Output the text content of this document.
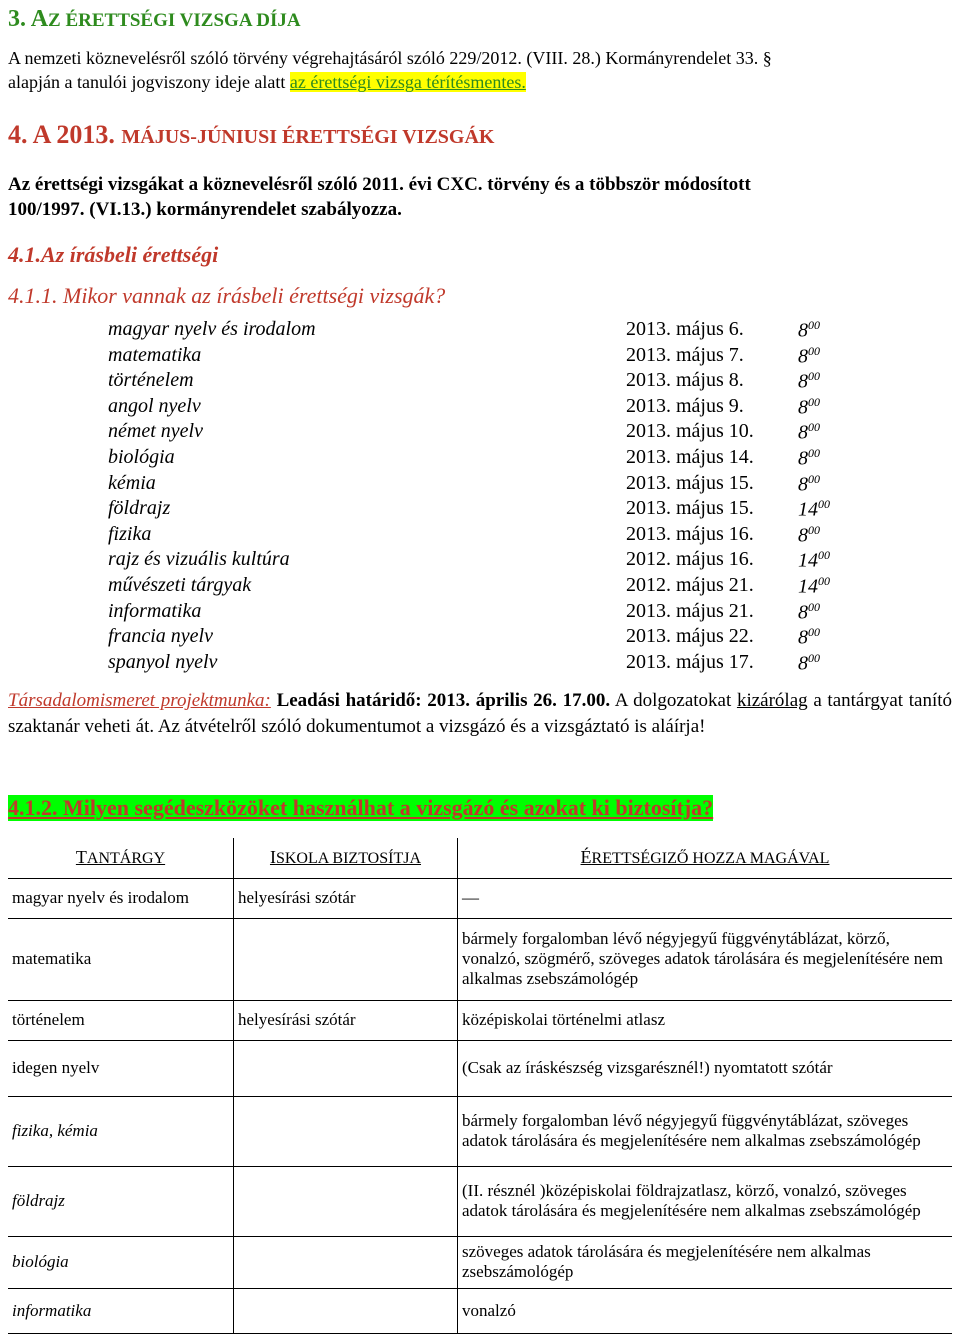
3. AZ ÉRETTSÉGI VIZSGA DÍJA
A nemzeti köznevelésről szóló törvény végrehajtásáról szóló 229/2012. (VIII. 28.) Kormányrendelet 33. §
alapján a tanulói jogviszony ideje alatt az érettségi vizsga térítésmentes.
4. A 2013. MÁJUS-JÚNIUSI ÉRETTSÉGI VIZSGÁK
Az érettségi vizsgákat a köznevelésről szóló 2011. évi CXC. törvény és a többször módosított
100/1997. (VI.13.) kormányrendelet szabályozza.
4.1.Az írásbeli érettségi
4.1.1. Mikor vannak az írásbeli érettségi vizsgák?
magyar nyelv és irodalom	2013. május 6.	$8^{00}$
matematika	2013. május 7.	$8^{00}$
történelem	2013. május 8.	$8^{00}$
angol nyelv	2013. május 9.	$8^{00}$
német nyelv	2013. május 10. $8^{00}$
biológia	2013. május 14. $8^{00}$
kémia	2013. május 15. $8^{00}$
földrajz	2013. május 15. $14^{00}$
fizika	2013. május 16. $8^{00}$
rajz és vizuális kultúra	2012. május 16. $14^{00}$
művészeti tárgyak	2012. május 21. $14^{00}$
informatika	2013. május 21. $8^{00}$
francia nyelv	2013. május 22. $8^{00}$
spanyol nyelv	2013. május 17. $8^{00}$
Társadalomismeret projektmunka: Leadási határidő: 2013. április 26. 17.00. A dolgozatokat kizárólag a tantárgyat tanító szaktanár veheti át. Az átvételről szóló dokumentumot a vizsgázó és a vizsgáztató is aláírja!
4.1.2. Milyen segédeszközöket használhat a vizsgázó és azokat ki biztosítja?
TANTÁRGY	ISKOLA BIZTOSÍTJA	ÉRETTSÉGIZŐ HOZZA MAGÁVAL
magyar nyelv és irodalom	helyesírási szótár	—
matematika		bármely forgalomban lévő négyjegyű függvénytáblázat, körző, vonalzó, szögmérő, szöveges adatok tárolására és megjelenítésére nem alkalmas zsebszámológép
történelem	helyesírási szótár	középiskolai történelmi atlasz
idegen nyelv		(Csak az íráskészség vizsgarésznél!) nyomtatott szótár
fizika, kémia		bármely forgalomban lévő négyjegyű függvénytáblázat, szöveges adatok tárolására és megjelenítésére nem alkalmas zsebszámológép
földrajz		(II. résznél )középiskolai földrajzatlasz, körző, vonalzó, szöveges adatok tárolására és megjelenítésére nem alkalmas zsebszámológép
biológia		szöveges adatok tárolására és megjelenítésére nem alkalmas zsebszámológép
informatika		vonalzó
